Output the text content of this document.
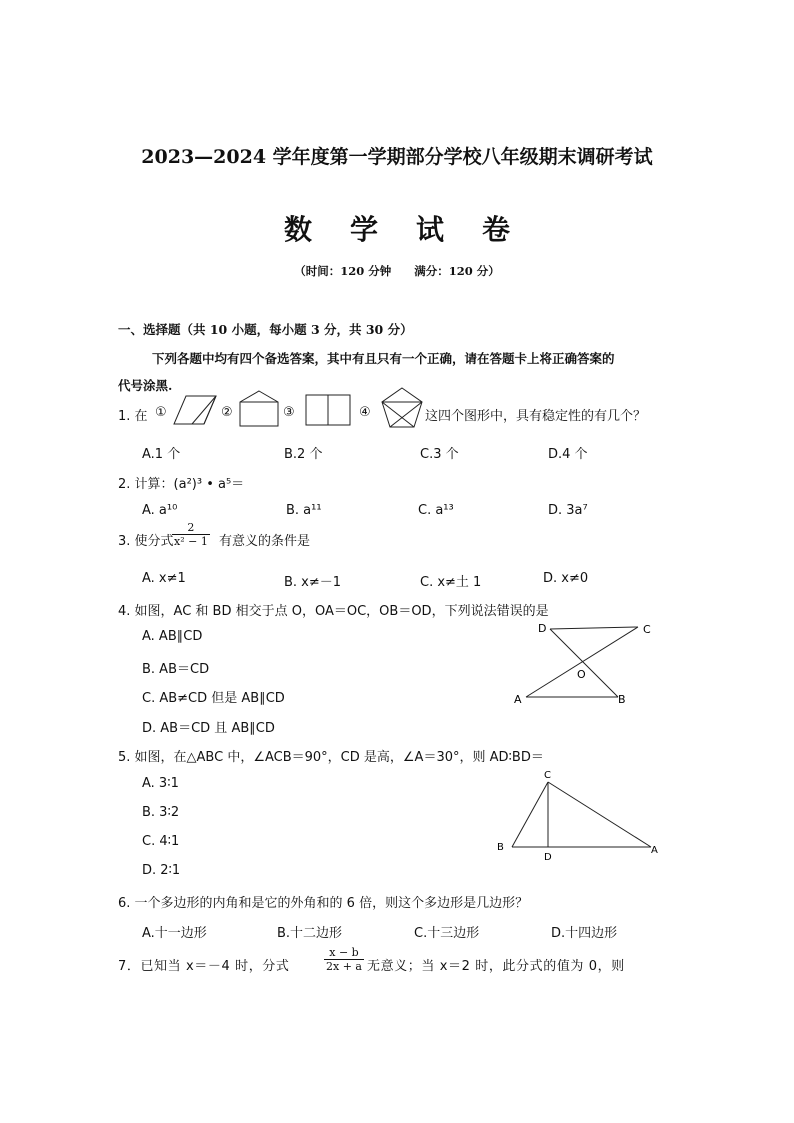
2023—2024 学年度第一学期部分学校八年级期末调研考试
数学试卷
（时间：120 分钟　　满分：120 分）
一、选择题（共 10 小题，每小题 3 分，共 30 分）
下列各题中均有四个备选答案，其中有且只有一个正确，请在答题卡上将正确答案的
代号涂黑.
1. 在 ①	②	③	④	这四个图形中，具有稳定性的有几个？
A.1 个	B.2 个	C.3 个	D.4 个
2. 计算：(a²)³ • a⁵＝
A. a¹⁰	B. a¹¹	C. a¹³	D. 3a⁷
3. 使分式
$\frac{2}{\text{x² − 1}}$ 有意义的条件是
A. x≠1	B. x≠－1	C. x≠土 1	D. x≠0
4. 如图，AC 和 BD 相交于点 O，OA＝OC，OB＝OD，下列说法错误的是
A. AB∥CD
B. AB＝CD
C. AB≠CD 但是 AB∥CD
D. AB＝CD 且 AB∥CD
D	C
O
A	B
5. 如图，在△ABC 中，∠ACB＝90°，CD 是高，∠A＝30°，则 AD∶BD＝
A. 3∶1
B. 3∶2
C. 4∶1
D. 2∶1
C
B
D
A
6. 一个多边形的内角和是它的外角和的 6 倍，则这个多边形是几边形？
A.十一边形	B.十二边形	C.十三边形	D.十四边形
7．已知当 x＝－4 时，分式	$\frac{x - b}{2x + a}$ 无意义；当 x＝2 时，此分式的值为 0，则
